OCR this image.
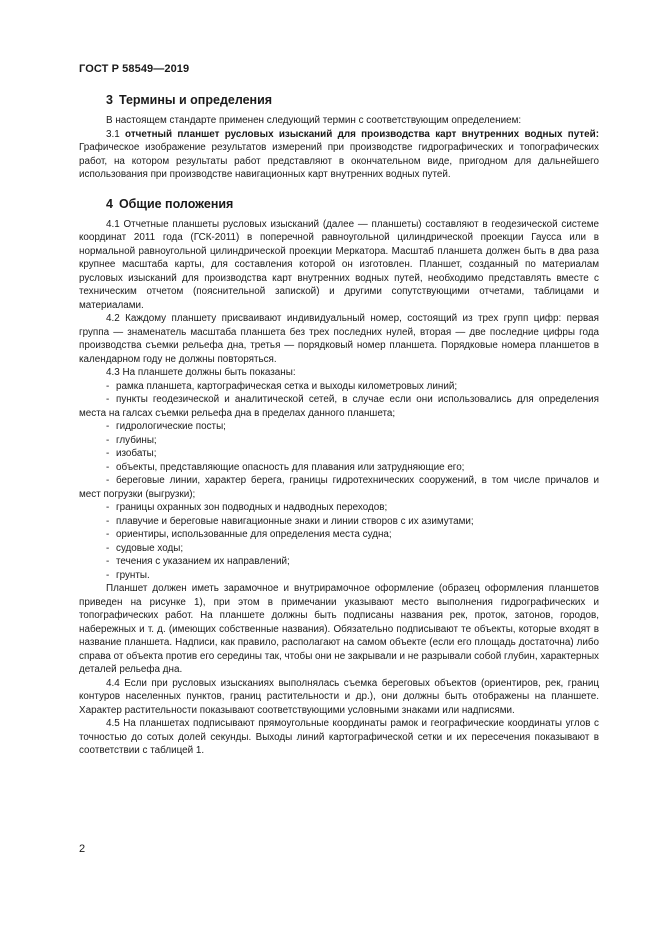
ГОСТ Р 58549—2019
3 Термины и определения

В настоящем стандарте применен следующий термин с соответствующим определением:

3.1 отчетный планшет русловых изысканий для производства карт внутренних водных путей: Графическое изображение результатов измерений при производстве гидрографических и топографических работ, на котором результаты работ представляют в окончательном виде, пригодном для дальнейшего использования при производстве навигационных карт внутренних водных путей.

4 Общие положения

4.1 Отчетные планшеты русловых изысканий (далее — планшеты) составляют в геодезической системе координат 2011 года (ГСК-2011) в поперечной равноугольной цилиндрической проекции Гаусса или в нормальной равноугольной цилиндрической проекции Меркатора. Масштаб планшета должен быть в два раза крупнее масштаба карты, для составления которой он изготовлен. Планшет, созданный по материалам русловых изысканий для производства карт внутренних водных путей, необходимо представлять вместе с техническим отчетом (пояснительной запиской) и другими сопутствующими отчетами, таблицами и материалами.

4.2 Каждому планшету присваивают индивидуальный номер, состоящий из трех групп цифр: первая группа — знаменатель масштаба планшета без трех последних нулей, вторая — две последние цифры года производства съемки рельефа дна, третья — порядковый номер планшета. Порядковые номера планшетов в календарном году не должны повторяться.

4.3 На планшете должны быть показаны:

- рамка планшета, картографическая сетка и выходы километровых линий;
- пункты геодезической и аналитической сетей, в случае если они использовались для определения места на галсах съемки рельефа дна в пределах данного планшета;
- гидрологические посты;
- глубины;
- изобаты;
- объекты, представляющие опасность для плавания или затрудняющие его;
- береговые линии, характер берега, границы гидротехнических сооружений, в том числе причалов и мест погрузки (выгрузки);
- границы охранных зон подводных и надводных переходов;
- плавучие и береговые навигационные знаки и линии створов с их азимутами;
- ориентиры, использованные для определения места судна;
- судовые ходы;
- течения с указанием их направлений;
- грунты.

Планшет должен иметь зарамочное и внутрирамочное оформление (образец оформления планшетов приведен на рисунке 1), при этом в примечании указывают место выполнения гидрографических и топографических работ. На планшете должны быть подписаны названия рек, проток, затонов, городов, набережных и т. д. (имеющих собственные названия). Обязательно подписывают те объекты, которые входят в название планшета. Надписи, как правило, располагают на самом объекте (если его площадь достаточна) либо справа от объекта против его середины так, чтобы они не закрывали и не разрывали собой глубин, характерных деталей рельефа дна.

4.4 Если при русловых изысканиях выполнялась съемка береговых объектов (ориентиров, рек, границ контуров населенных пунктов, границ растительности и др.), они должны быть отображены на планшете. Характер растительности показывают соответствующими условными знаками или надписями.

4.5 На планшетах подписывают прямоугольные координаты рамок и географические координаты углов с точностью до сотых долей секунды. Выходы линий картографической сетки и их пересечения показывают в соответствии с таблицей 1.

2
